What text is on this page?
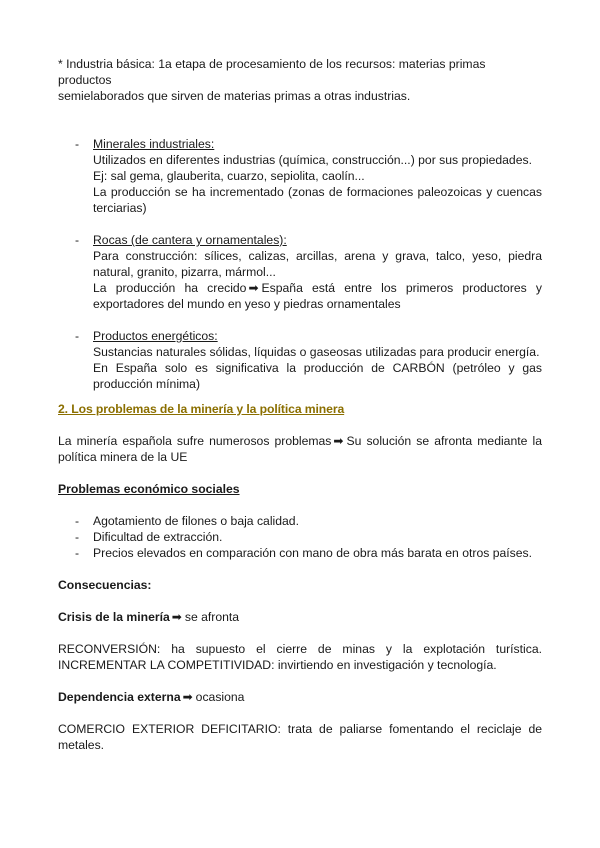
* Industria básica: 1a etapa de procesamiento de los recursos: materias primas productos
semielaborados que sirven de materias primas a otras industrias.

- Minerales industriales:
Utilizados en diferentes industrias (química, construcción...) por sus propiedades.
Ej: sal gema, glauberita, cuarzo, sepiolita, caolín...
La producción se ha incrementado (zonas de formaciones paleozoicas y cuencas terciarias)
- Rocas (de cantera y ornamentales):
Para construcción: sílices, calizas, arcillas, arena y grava, talco, yeso, piedra natural, granito, pizarra, mármol...
La producción ha crecido ➡ España está entre los primeros productores y exportadores del mundo en yeso y piedras ornamentales
- Productos energéticos:
Sustancias naturales sólidas, líquidas o gaseosas utilizadas para producir energía.
En España solo es significativa la producción de CARBÓN (petróleo y gas producción mínima)

2. Los problemas de la minería y la política minera

La minería española sufre numerosos problemas ➡ Su solución se afronta mediante la política minera de la UE

Problemas económico sociales

- Agotamiento de filones o baja calidad.
- Dificultad de extracción.
- Precios elevados en comparación con mano de obra más barata en otros países.

Consecuencias:

Crisis de la minería ➡ se afronta

RECONVERSIÓN: ha supuesto el cierre de minas y la explotación turística. INCREMENTAR LA COMPETITIVIDAD: invirtiendo en investigación y tecnología.

Dependencia externa ➡ ocasiona

COMERCIO EXTERIOR DEFICITARIO: trata de paliarse fomentando el reciclaje de metales.
